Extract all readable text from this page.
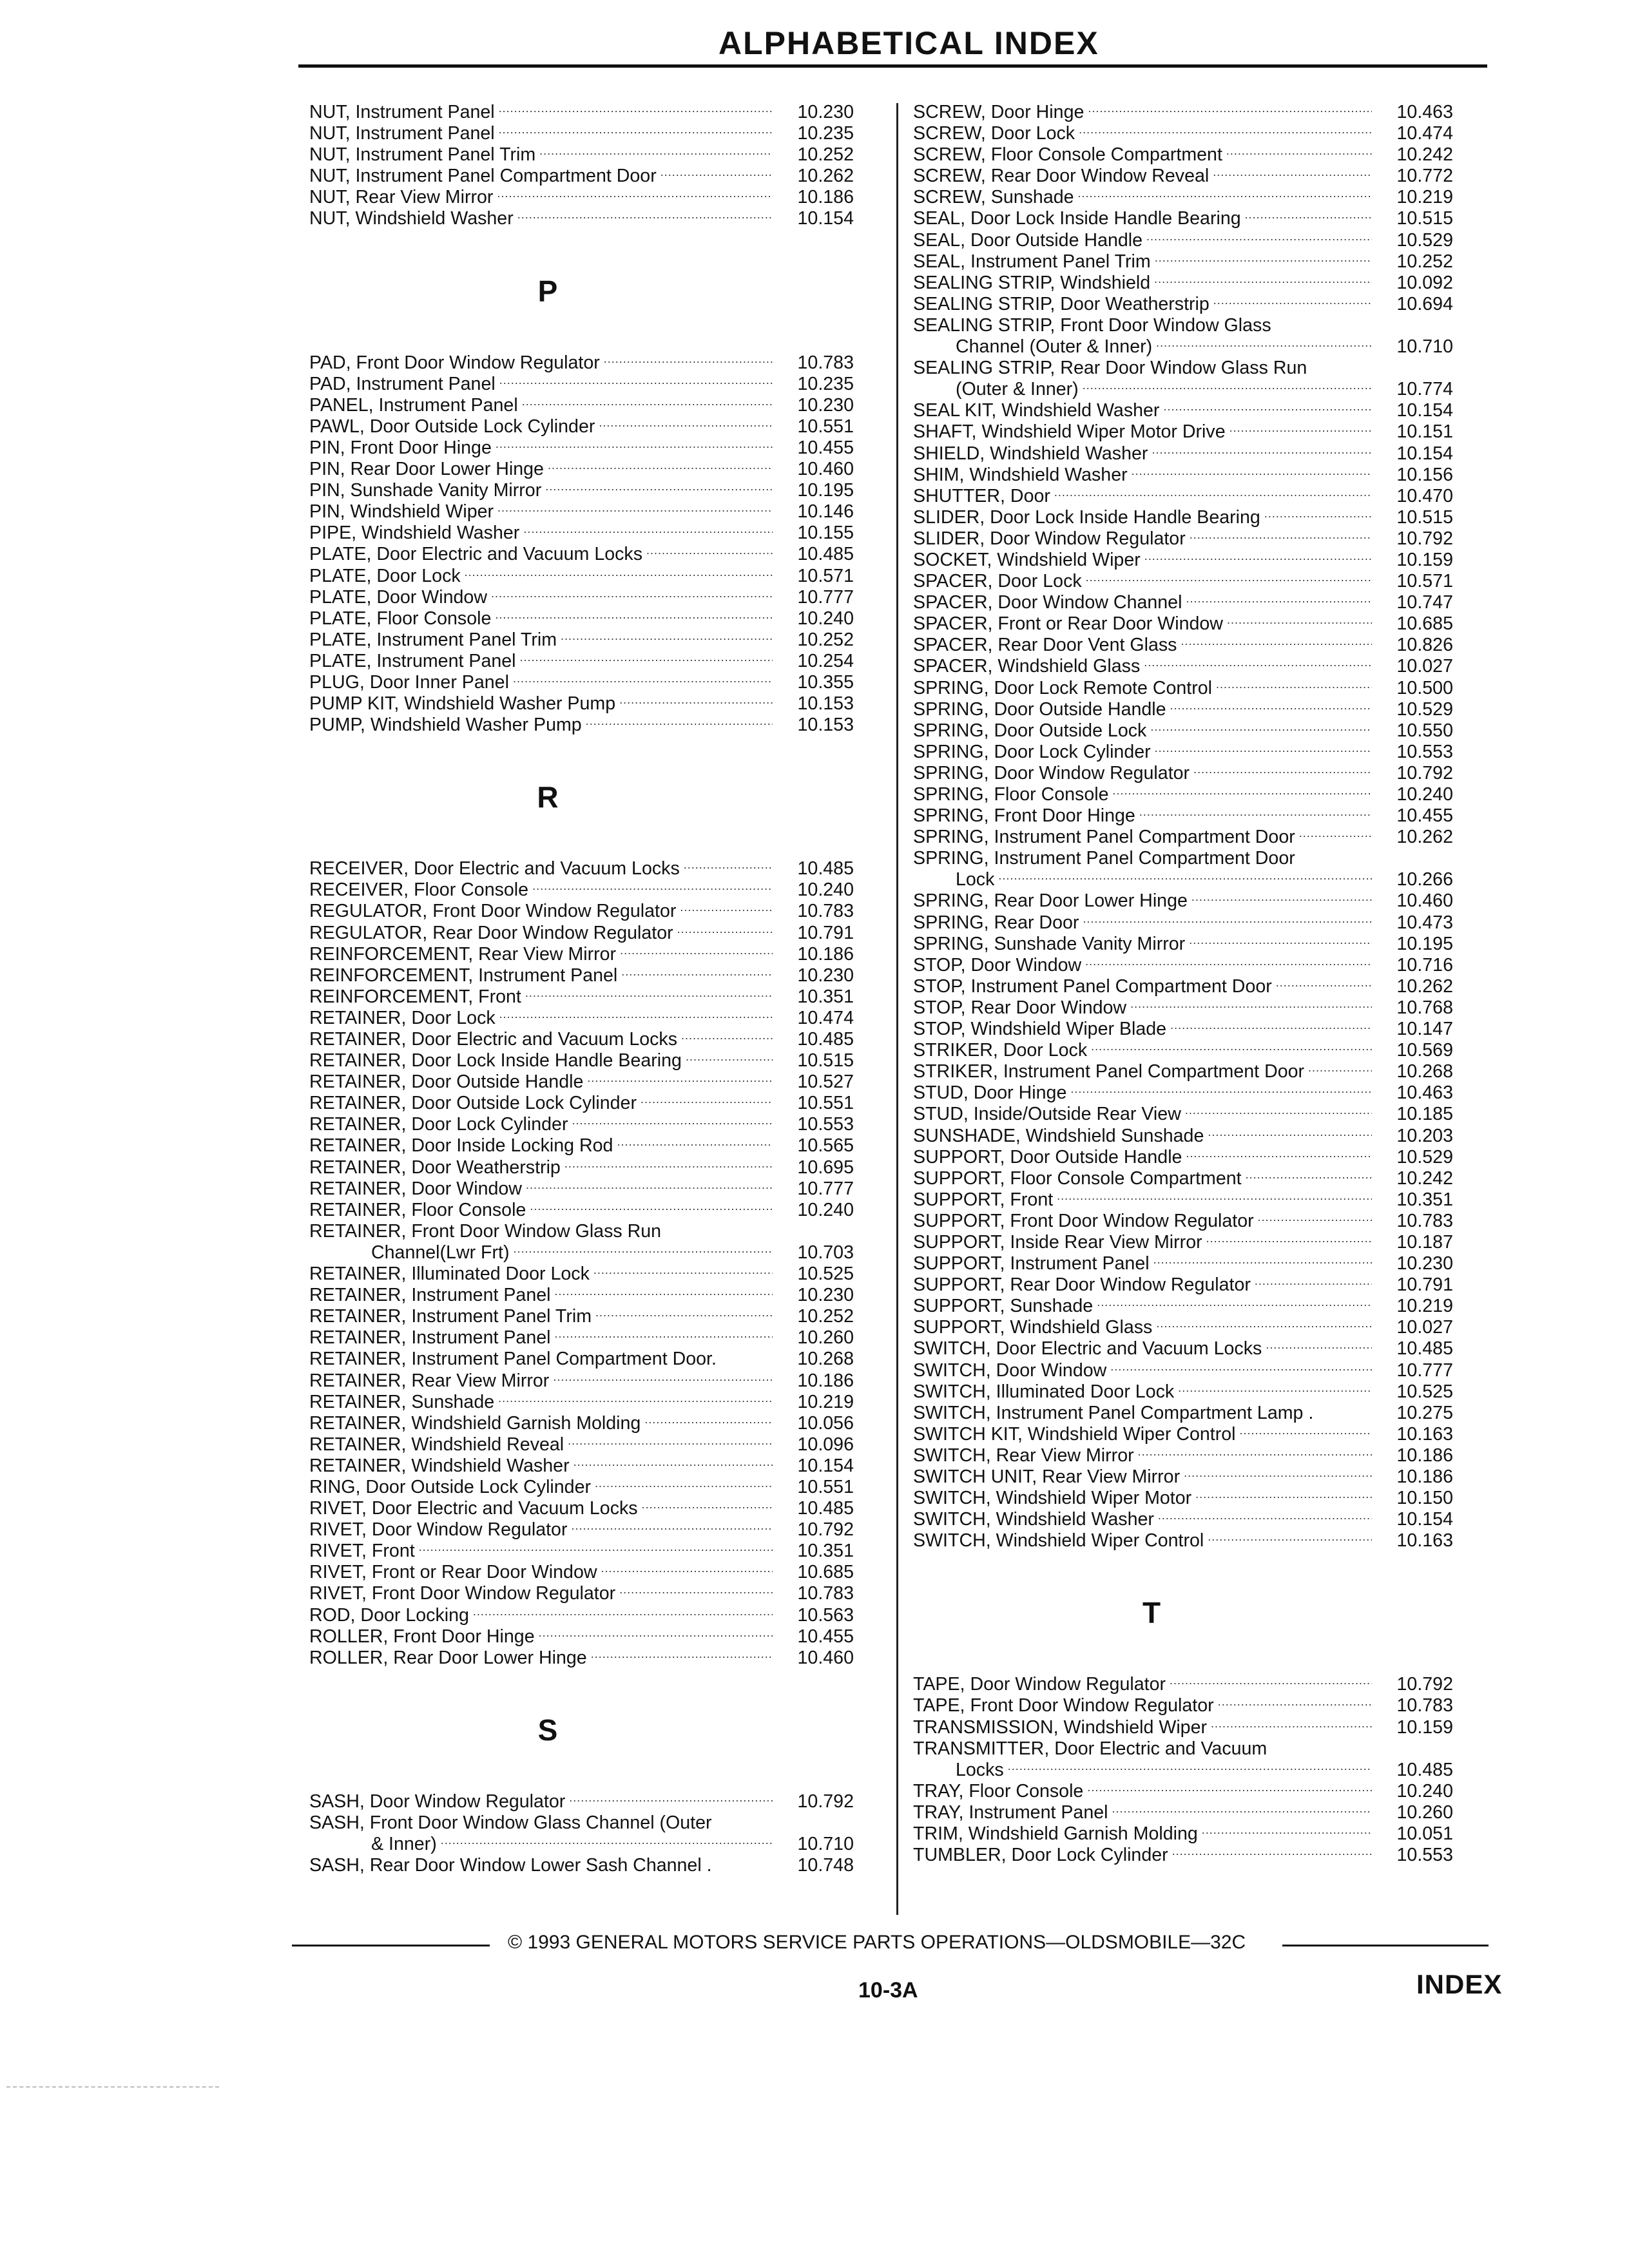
ALPHABETICAL INDEX
NUT, Instrument Panel .....	10.230
NUT, Instrument Panel .....	10.235
NUT, Instrument Panel Trim .....	10.252
NUT, Instrument Panel Compartment Door .....	10.262
NUT, Rear View Mirror .....	10.186
NUT, Windshield Washer .....	10.154
P
PAD, Front Door Window Regulator .....	10.783
PAD, Instrument Panel .....	10.235
PANEL, Instrument Panel .....	10.230
PAWL, Door Outside Lock Cylinder .....	10.551
PIN, Front Door Hinge .....	10.455
PIN, Rear Door Lower Hinge .....	10.460
PIN, Sunshade Vanity Mirror .....	10.195
PIN, Windshield Wiper .....	10.146
PIPE, Windshield Washer .....	10.155
PLATE, Door Electric and Vacuum Locks .....	10.485
PLATE, Door Lock .....	10.571
PLATE, Door Window .....	10.777
PLATE, Floor Console .....	10.240
PLATE, Instrument Panel Trim .....	10.252
PLATE, Instrument Panel .....	10.254
PLUG, Door Inner Panel .....	10.355
PUMP KIT, Windshield Washer Pump .....	10.153
PUMP, Windshield Washer Pump .....	10.153
R
RECEIVER, Door Electric and Vacuum Locks .....	10.485
RECEIVER, Floor Console .....	10.240
REGULATOR, Front Door Window Regulator .....	10.783
REGULATOR, Rear Door Window Regulator .....	10.791
REINFORCEMENT, Rear View Mirror .....	10.186
REINFORCEMENT, Instrument Panel .....	10.230
REINFORCEMENT, Front .....	10.351
RETAINER, Door Lock .....	10.474
RETAINER, Door Electric and Vacuum Locks .....	10.485
RETAINER, Door Lock Inside Handle Bearing .....	10.515
RETAINER, Door Outside Handle .....	10.527
RETAINER, Door Outside Lock Cylinder .....	10.551
RETAINER, Door Lock Cylinder .....	10.553
RETAINER, Door Inside Locking Rod .....	10.565
RETAINER, Door Weatherstrip .....	10.695
RETAINER, Door Window .....	10.777
RETAINER, Floor Console .....	10.240
RETAINER, Front Door Window Glass Run
Channel(Lwr Frt) .....	10.703
RETAINER, Illuminated Door Lock .....	10.525
RETAINER, Instrument Panel .....	10.230
RETAINER, Instrument Panel Trim .....	10.252
RETAINER, Instrument Panel .....	10.260
RETAINER, Instrument Panel Compartment Door.	10.268
RETAINER, Rear View Mirror .....	10.186
RETAINER, Sunshade .....	10.219
RETAINER, Windshield Garnish Molding .....	10.056
RETAINER, Windshield Reveal .....	10.096
RETAINER, Windshield Washer .....	10.154
RING, Door Outside Lock Cylinder .....	10.551
RIVET, Door Electric and Vacuum Locks .....	10.485
RIVET, Door Window Regulator .....	10.792
RIVET, Front .....	10.351
RIVET, Front or Rear Door Window .....	10.685
RIVET, Front Door Window Regulator .....	10.783
ROD, Door Locking .....	10.563
ROLLER, Front Door Hinge .....	10.455
ROLLER, Rear Door Lower Hinge .....	10.460
S
SASH, Door Window Regulator .....	10.792
SASH, Front Door Window Glass Channel (Outer
& Inner) .....	10.710
SASH, Rear Door Window Lower Sash Channel .	10.748
SCREW, Door Hinge .....	10.463
SCREW, Door Lock .....	10.474
SCREW, Floor Console Compartment .....	10.242
SCREW, Rear Door Window Reveal .....	10.772
SCREW, Sunshade .....	10.219
SEAL, Door Lock Inside Handle Bearing .....	10.515
SEAL, Door Outside Handle .....	10.529
SEAL, Instrument Panel Trim .....	10.252
SEALING STRIP, Windshield .....	10.092
SEALING STRIP, Door Weatherstrip .....	10.694
SEALING STRIP, Front Door Window Glass
Channel (Outer & Inner) .....	10.710
SEALING STRIP, Rear Door Window Glass Run
(Outer & Inner) .....	10.774
SEAL KIT, Windshield Washer .....	10.154
SHAFT, Windshield Wiper Motor Drive .....	10.151
SHIELD, Windshield Washer .....	10.154
SHIM, Windshield Washer .....	10.156
SHUTTER, Door .....	10.470
SLIDER, Door Lock Inside Handle Bearing .....	10.515
SLIDER, Door Window Regulator .....	10.792
SOCKET, Windshield Wiper .....	10.159
SPACER, Door Lock .....	10.571
SPACER, Door Window Channel .....	10.747
SPACER, Front or Rear Door Window .....	10.685
SPACER, Rear Door Vent Glass .....	10.826
SPACER, Windshield Glass .....	10.027
SPRING, Door Lock Remote Control .....	10.500
SPRING, Door Outside Handle .....	10.529
SPRING, Door Outside Lock .....	10.550
SPRING, Door Lock Cylinder .....	10.553
SPRING, Door Window Regulator .....	10.792
SPRING, Floor Console .....	10.240
SPRING, Front Door Hinge .....	10.455
SPRING, Instrument Panel Compartment Door .....	10.262
SPRING, Instrument Panel Compartment Door
Lock .....	10.266
SPRING, Rear Door Lower Hinge .....	10.460
SPRING, Rear Door .....	10.473
SPRING, Sunshade Vanity Mirror .....	10.195
STOP, Door Window .....	10.716
STOP, Instrument Panel Compartment Door .....	10.262
STOP, Rear Door Window .....	10.768
STOP, Windshield Wiper Blade .....	10.147
STRIKER, Door Lock .....	10.569
STRIKER, Instrument Panel Compartment Door .....	10.268
STUD, Door Hinge .....	10.463
STUD, Inside/Outside Rear View .....	10.185
SUNSHADE, Windshield Sunshade .....	10.203
SUPPORT, Door Outside Handle .....	10.529
SUPPORT, Floor Console Compartment .....	10.242
SUPPORT, Front .....	10.351
SUPPORT, Front Door Window Regulator .....	10.783
SUPPORT, Inside Rear View Mirror .....	10.187
SUPPORT, Instrument Panel .....	10.230
SUPPORT, Rear Door Window Regulator .....	10.791
SUPPORT, Sunshade .....	10.219
SUPPORT, Windshield Glass .....	10.027
SWITCH, Door Electric and Vacuum Locks .....	10.485
SWITCH, Door Window .....	10.777
SWITCH, Illuminated Door Lock .....	10.525
SWITCH, Instrument Panel Compartment Lamp .	10.275
SWITCH KIT, Windshield Wiper Control .....	10.163
SWITCH, Rear View Mirror .....	10.186
SWITCH UNIT, Rear View Mirror .....	10.186
SWITCH, Windshield Wiper Motor .....	10.150
SWITCH, Windshield Washer .....	10.154
SWITCH, Windshield Wiper Control .....	10.163
T
TAPE, Door Window Regulator .....	10.792
TAPE, Front Door Window Regulator .....	10.783
TRANSMISSION, Windshield Wiper .....	10.159
TRANSMITTER, Door Electric and Vacuum
Locks .....	10.485
TRAY, Floor Console .....	10.240
TRAY, Instrument Panel .....	10.260
TRIM, Windshield Garnish Molding .....	10.051
TUMBLER, Door Lock Cylinder .....	10.553
© 1993 GENERAL MOTORS SERVICE PARTS OPERATIONS—OLDSMOBILE—32C
10-3A	INDEX
